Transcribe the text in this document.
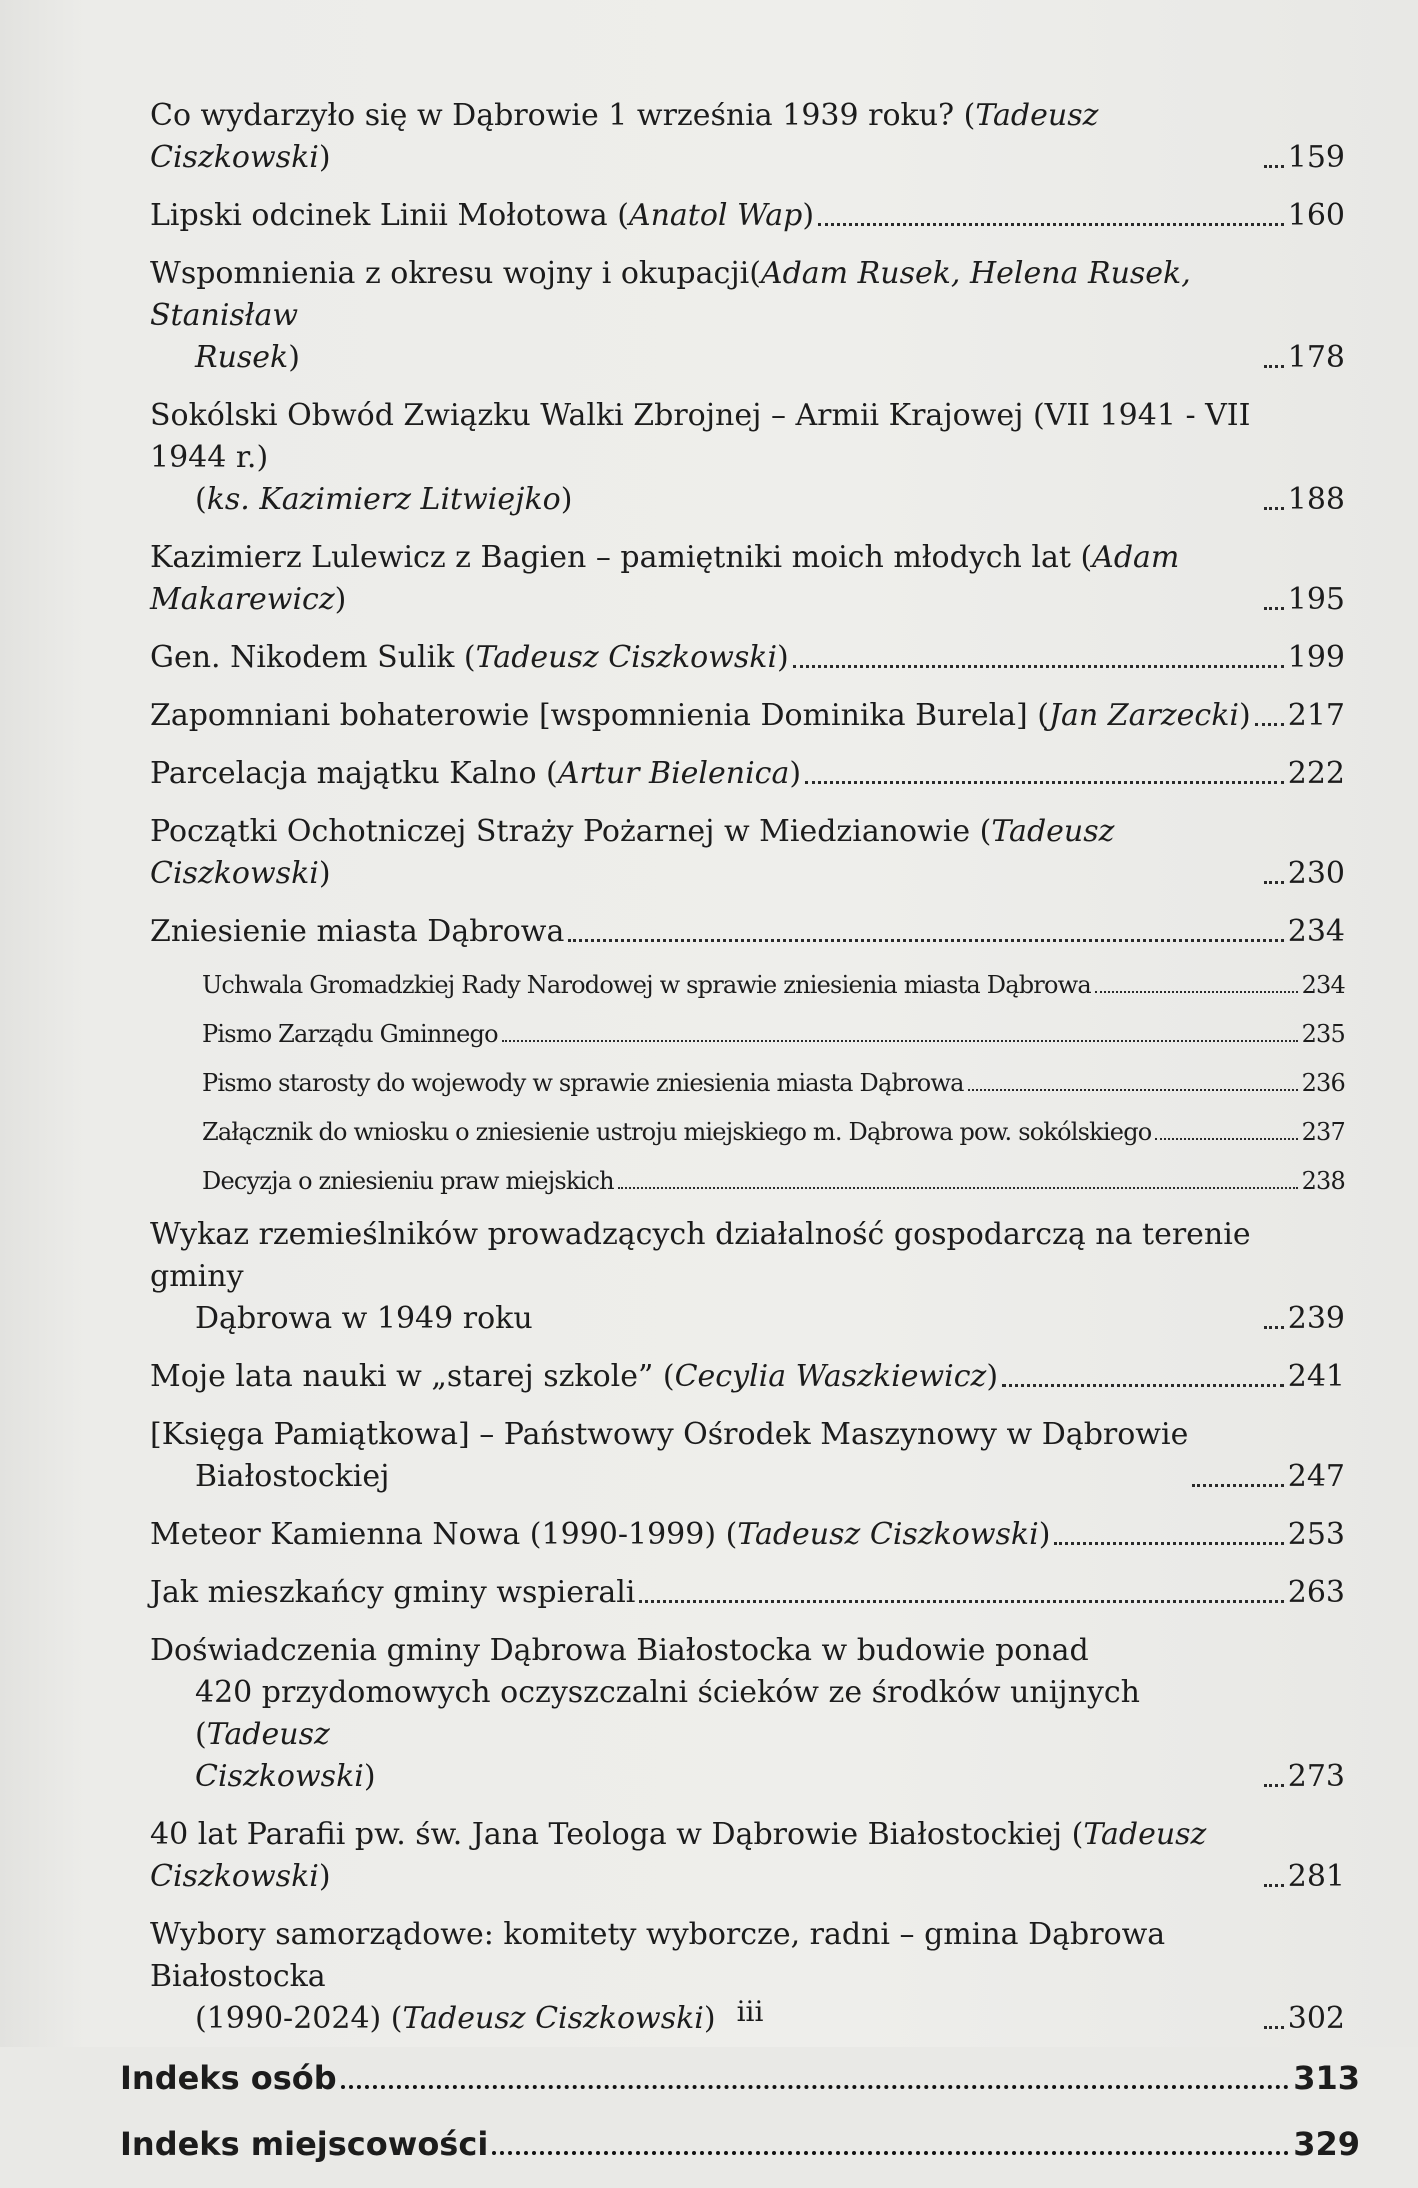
Co wydarzyło się w Dąbrowie 1 września 1939 roku? (Tadeusz Ciszkowski)	159
Lipski odcinek Linii Mołotowa (Anatol Wap)	160
Wspomnienia z okresu wojny i okupacji(Adam Rusek, Helena Rusek, Stanisław
Rusek)	178
Sokólski Obwód Związku Walki Zbrojnej – Armii Krajowej (VII 1941 - VII 1944 r.)
(ks. Kazimierz Litwiejko)	188
Kazimierz Lulewicz z Bagien – pamiętniki moich młodych lat (Adam Makarewicz)	195
Gen. Nikodem Sulik (Tadeusz Ciszkowski)	199
Zapomniani bohaterowie [wspomnienia Dominika Burela] (Jan Zarzecki) 217
Parcelacja majątku Kalno (Artur Bielenica)	222
Początki Ochotniczej Straży Pożarnej w Miedzianowie (Tadeusz Ciszkowski)	230
Zniesienie miasta Dąbrowa	234
Uchwala Gromadzkiej Rady Narodowej w sprawie zniesienia miasta Dąbrowa	234
Pismo Zarządu Gminnego	235
Pismo starosty do wojewody w sprawie zniesienia miasta Dąbrowa	236
Załącznik do wniosku o zniesienie ustroju miejskiego m. Dąbrowa pow. sokólskiego	237
Decyzja o zniesieniu praw miejskich	238
Wykaz rzemieślników prowadzących działalność gospodarczą na terenie gminy
Dąbrowa w 1949 roku	239
Moje lata nauki w „starej szkole” (Cecylia Waszkiewicz)	241
[Księga Pamiątkowa] – Państwowy Ośrodek Maszynowy w Dąbrowie
Białostockiej	247
Meteor Kamienna Nowa (1990-1999) (Tadeusz Ciszkowski)	253
Jak mieszkańcy gminy wspierali	263
Doświadczenia gminy Dąbrowa Białostocka w budowie ponad
420 przydomowych oczyszczalni ścieków ze środków unijnych (Tadeusz
Ciszkowski)	273
40 lat Parafii pw. św. Jana Teologa w Dąbrowie Białostockiej (Tadeusz Ciszkowski)	281
Wybory samorządowe: komitety wyborcze, radni – gmina Dąbrowa Białostocka
(1990-2024) (Tadeusz Ciszkowski)	302
Indeks osób	313
Indeks miejscowości	329
iii
